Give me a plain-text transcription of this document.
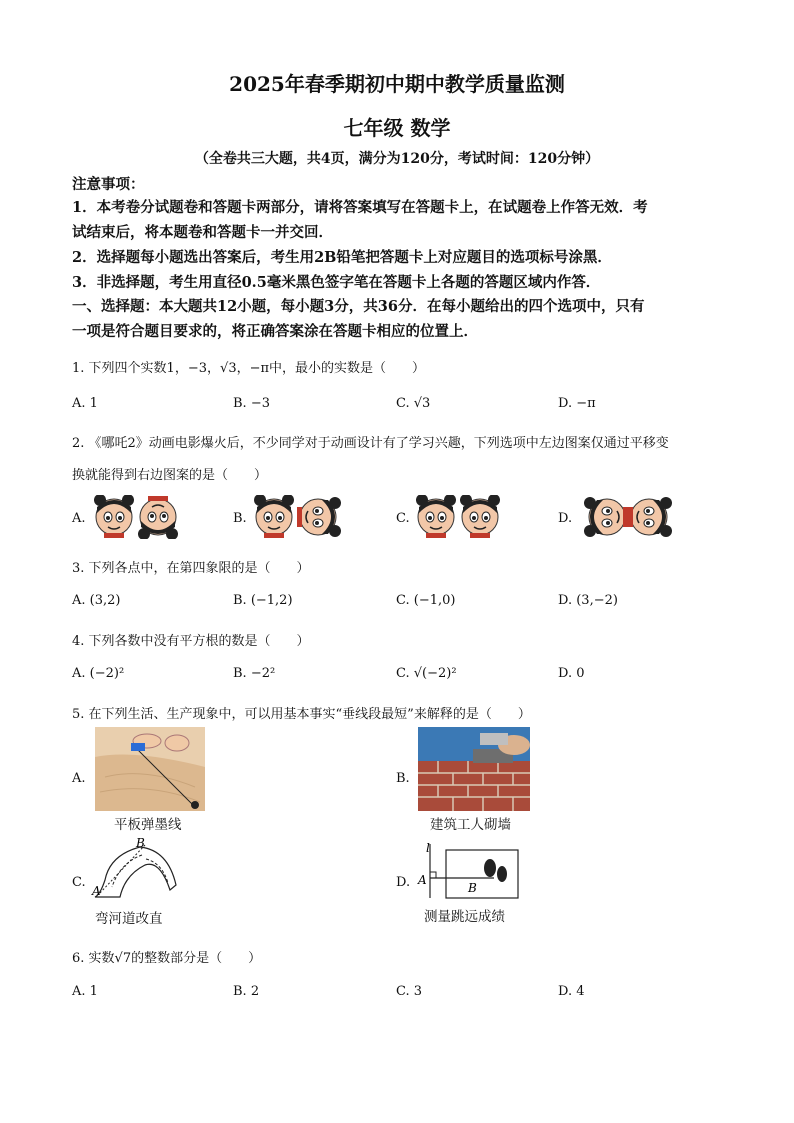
2025年春季期初中期中教学质量监测
七年级 数学
（全卷共三大题，共4页，满分为120分，考试时间：120分钟）
注意事项：
1．本考卷分试题卷和答题卡两部分，请将答案填写在答题卡上，在试题卷上作答无效．考
试结束后，将本题卷和答题卡一并交回．
2．选择题每小题选出答案后，考生用2B铅笔把答题卡上对应题目的选项标号涂黑．
3．非选择题，考生用直径0.5毫米黑色签字笔在答题卡上各题的答题区域内作答．
一、选择题：本大题共12小题，每小题3分，共36分．在每小题给出的四个选项中，只有
一项是符合题目要求的，将正确答案涂在答题卡相应的位置上．
1. 下列四个实数1，−3，√3，−π中，最小的实数是（　　）
A. 1	B. −3	C. √3	D. −π
2. 《哪吒2》动画电影爆火后，不少同学对于动画设计有了学习兴趣，下列选项中左边图案仅通过平移变
换就能得到右边图案的是（　　）
A.	B.	C.	D.
3. 下列各点中，在第四象限的是（　　）
A. (3,2)	B. (−1,2)	C. (−1,0)	D. (3,−2)
4. 下列各数中没有平方根的数是（　　）
A. (−2)²	B. −2²	C. √(−2)²	D. 0
5. 在下列生活、生产现象中，可以用基本事实“垂线段最短”来解释的是（　　）
A.
平板弹墨线
B.
建筑工人砌墙
C.
B
A
弯河道改直
D.
l
A
B
测量跳远成绩
6. 实数√7的整数部分是（　　）
A. 1	B. 2	C. 3	D. 4
